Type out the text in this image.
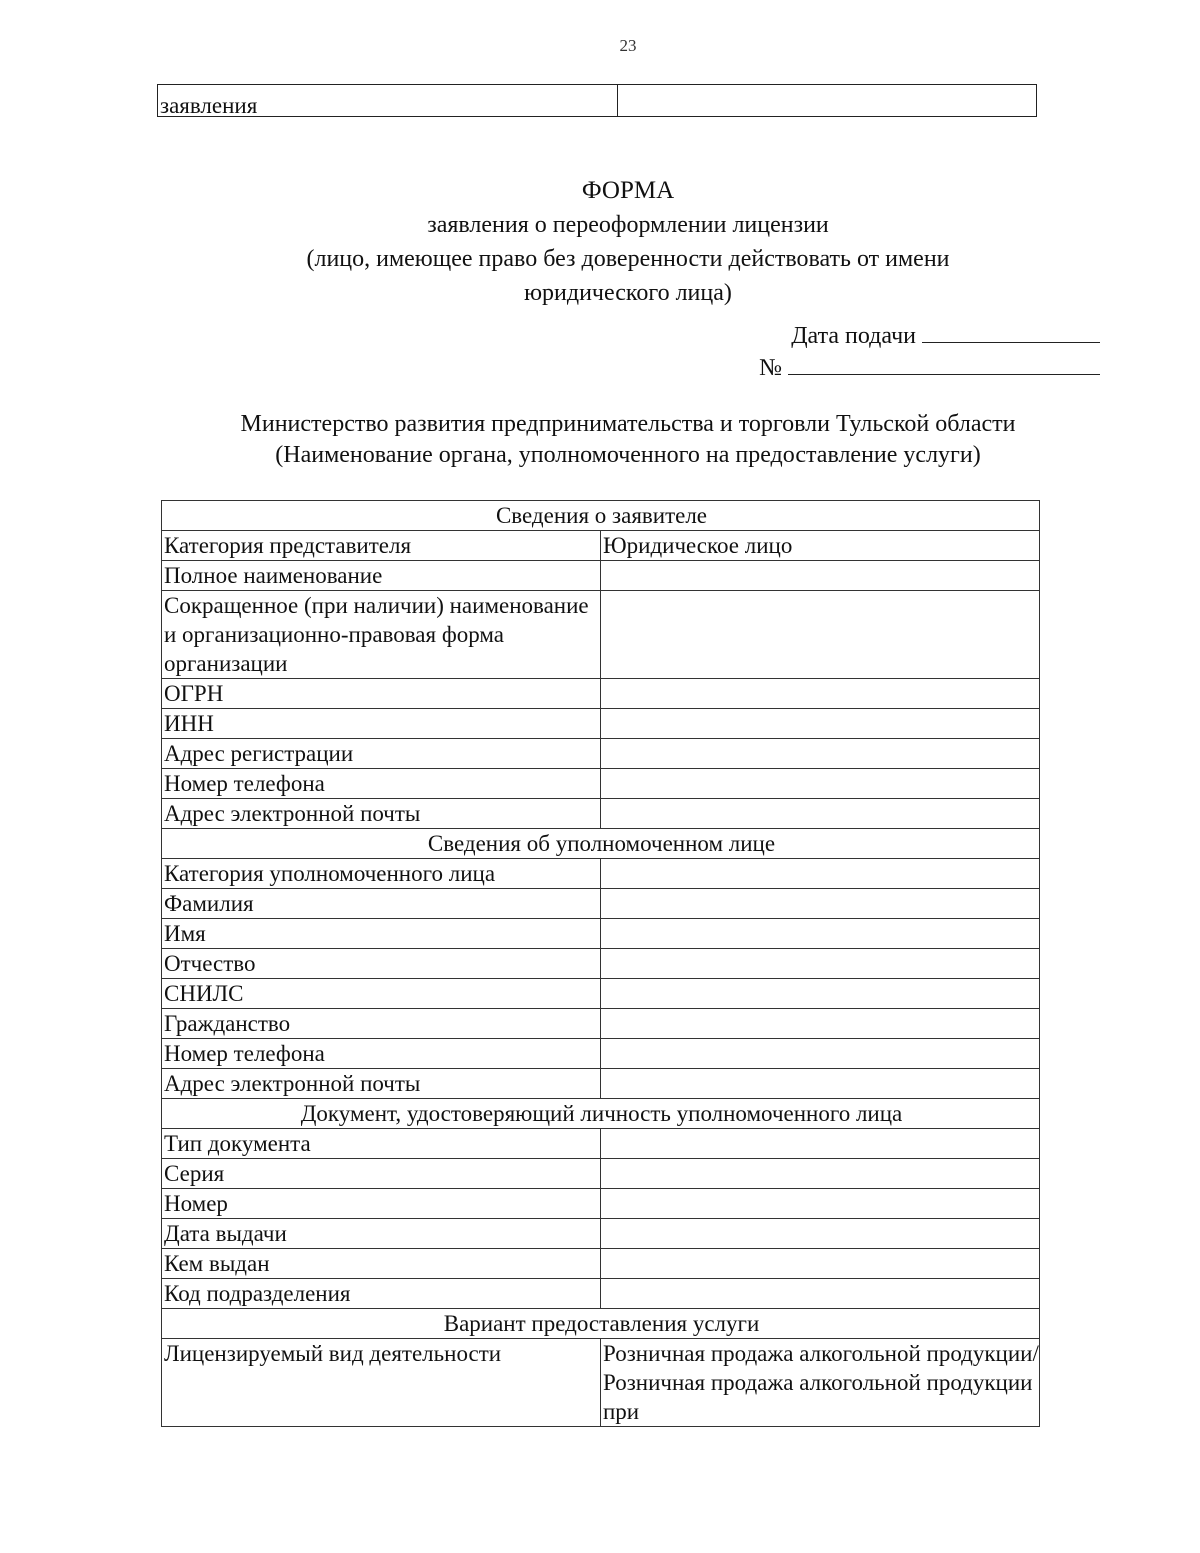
23
заявления
ФОРМА
заявления о переоформлении лицензии
(лицо, имеющее право без доверенности действовать от имени
юридического лица)
Дата подачи
№
Министерство развития предпринимательства и торговли Тульской области
(Наименование органа, уполномоченного на предоставление услуги)
Сведения о заявителе	
Категория представителя	Юридическое лицо
Полное наименование	
Сокращенное (при наличии) наименование и организационно-правовая форма организации	
ОГРН	
ИНН	
Адрес регистрации	
Номер телефона	
Адрес электронной почты	
Сведения об уполномоченном лице	
Категория уполномоченного лица	
Фамилия	
Имя	
Отчество	
СНИЛС	
Гражданство	
Номер телефона	
Адрес электронной почты	
Документ, удостоверяющий личность уполномоченного лица	
Тип документа	
Серия	
Номер	
Дата выдачи	
Кем выдан	
Код подразделения	
Вариант предоставления услуги	
Лицензируемый вид деятельности	Розничная продажа алкогольной продукции/Розничная продажа алкогольной продукции при
